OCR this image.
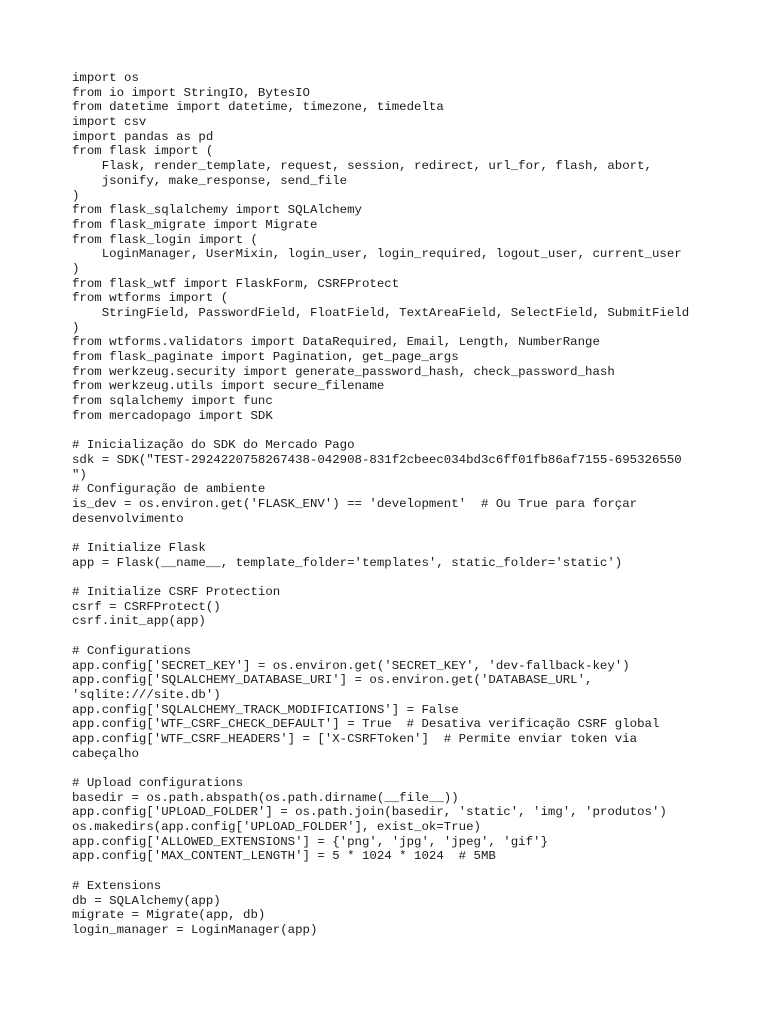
import os
from io import StringIO, BytesIO
from datetime import datetime, timezone, timedelta
import csv
import pandas as pd
from flask import (
Flask, render_template, request, session, redirect, url_for, flash, abort,
jsonify, make_response, send_file
)
from flask_sqlalchemy import SQLAlchemy
from flask_migrate import Migrate
from flask_login import (
LoginManager, UserMixin, login_user, login_required, logout_user, current_user
)
from flask_wtf import FlaskForm, CSRFProtect
from wtforms import (
StringField, PasswordField, FloatField, TextAreaField, SelectField, SubmitField
)
from wtforms.validators import DataRequired, Email, Length, NumberRange
from flask_paginate import Pagination, get_page_args
from werkzeug.security import generate_password_hash, check_password_hash
from werkzeug.utils import secure_filename
from sqlalchemy import func
from mercadopago import SDK
# Inicialização do SDK do Mercado Pago
sdk = SDK("TEST-2924220758267438-042908-831f2cbeec034bd3c6ff01fb86af7155-695326550
")
# Configuração de ambiente
is_dev = os.environ.get('FLASK_ENV') == 'development'  # Ou True para forçar
desenvolvimento
# Initialize Flask
app = Flask(__name__, template_folder='templates', static_folder='static')
# Initialize CSRF Protection
csrf = CSRFProtect()
csrf.init_app(app)
# Configurations
app.config['SECRET_KEY'] = os.environ.get('SECRET_KEY', 'dev-fallback-key')
app.config['SQLALCHEMY_DATABASE_URI'] = os.environ.get('DATABASE_URL',
'sqlite:///site.db')
app.config['SQLALCHEMY_TRACK_MODIFICATIONS'] = False
app.config['WTF_CSRF_CHECK_DEFAULT'] = True  # Desativa verificação CSRF global
app.config['WTF_CSRF_HEADERS'] = ['X-CSRFToken']  # Permite enviar token via
cabeçalho
# Upload configurations
basedir = os.path.abspath(os.path.dirname(__file__))
app.config['UPLOAD_FOLDER'] = os.path.join(basedir, 'static', 'img', 'produtos')
os.makedirs(app.config['UPLOAD_FOLDER'], exist_ok=True)
app.config['ALLOWED_EXTENSIONS'] = {'png', 'jpg', 'jpeg', 'gif'}
app.config['MAX_CONTENT_LENGTH'] = 5 * 1024 * 1024  # 5MB
# Extensions
db = SQLAlchemy(app)
migrate = Migrate(app, db)
login_manager = LoginManager(app)
